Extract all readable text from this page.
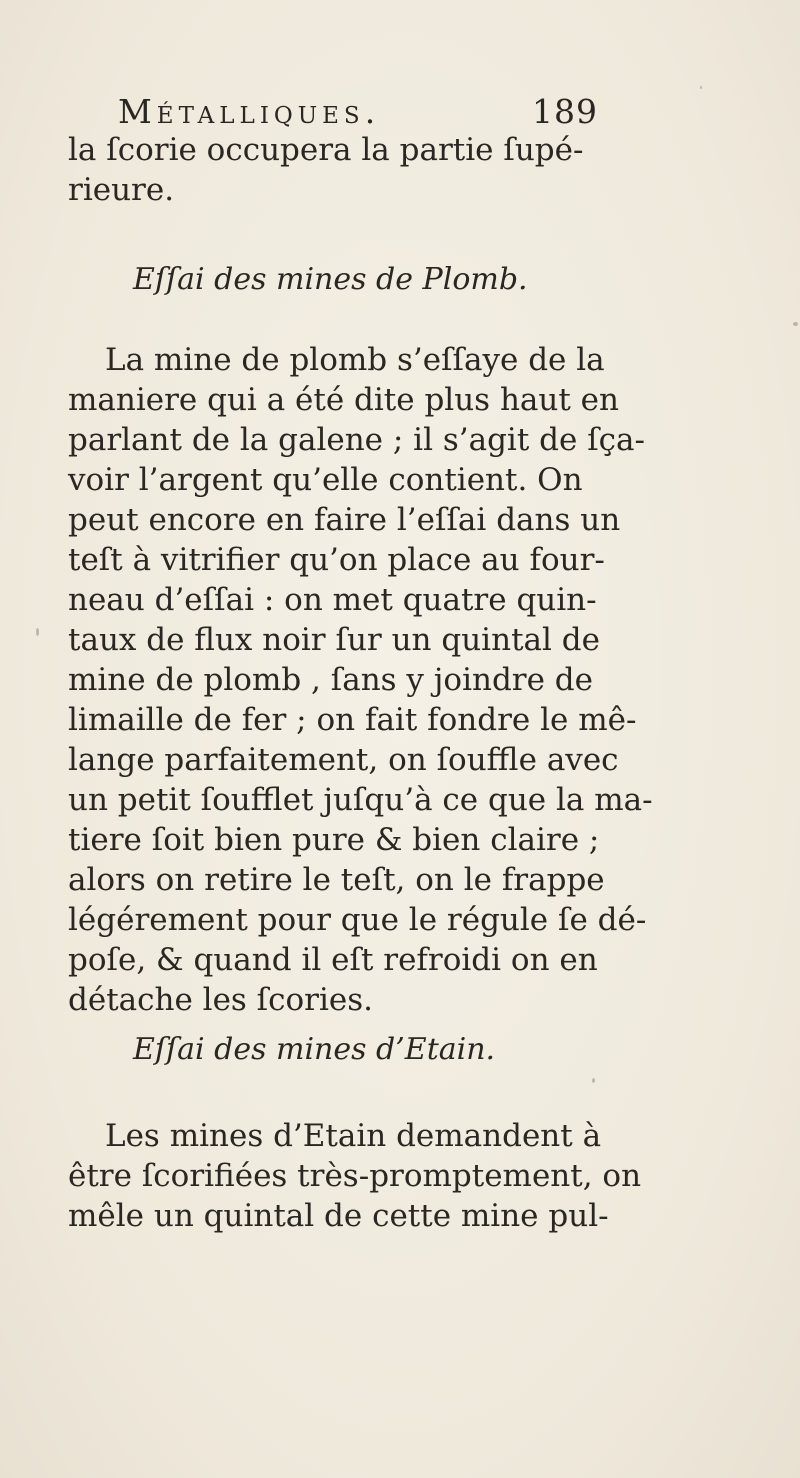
Métalliques.	189
la ſcorie occupera la partie ſupé-
rieure.
Eſſai des mines de Plomb.
La mine de plomb s’eſſaye de la
maniere qui a été dite plus haut en
parlant de la galene ; il s’agit de ſça-
voir l’argent qu’elle contient. On
peut encore en faire l’eſſai dans un
teſt à vitrifier qu’on place au four-
neau d’eſſai : on met quatre quin-
taux de flux noir ſur un quintal de
mine de plomb , ſans y joindre de
limaille de fer ; on fait fondre le mê-
lange parfaitement, on ſouffle avec
un petit ſoufflet juſqu’à ce que la ma-
tiere ſoit bien pure & bien claire ;
alors on retire le teſt, on le frappe
légérement pour que le régule ſe dé-
poſe, & quand il eſt refroidi on en
détache les ſcories.
Eſſai des mines d’Etain.
Les mines d’Etain demandent à
être ſcorifiées très-promptement, on
mêle un quintal de cette mine pul-
